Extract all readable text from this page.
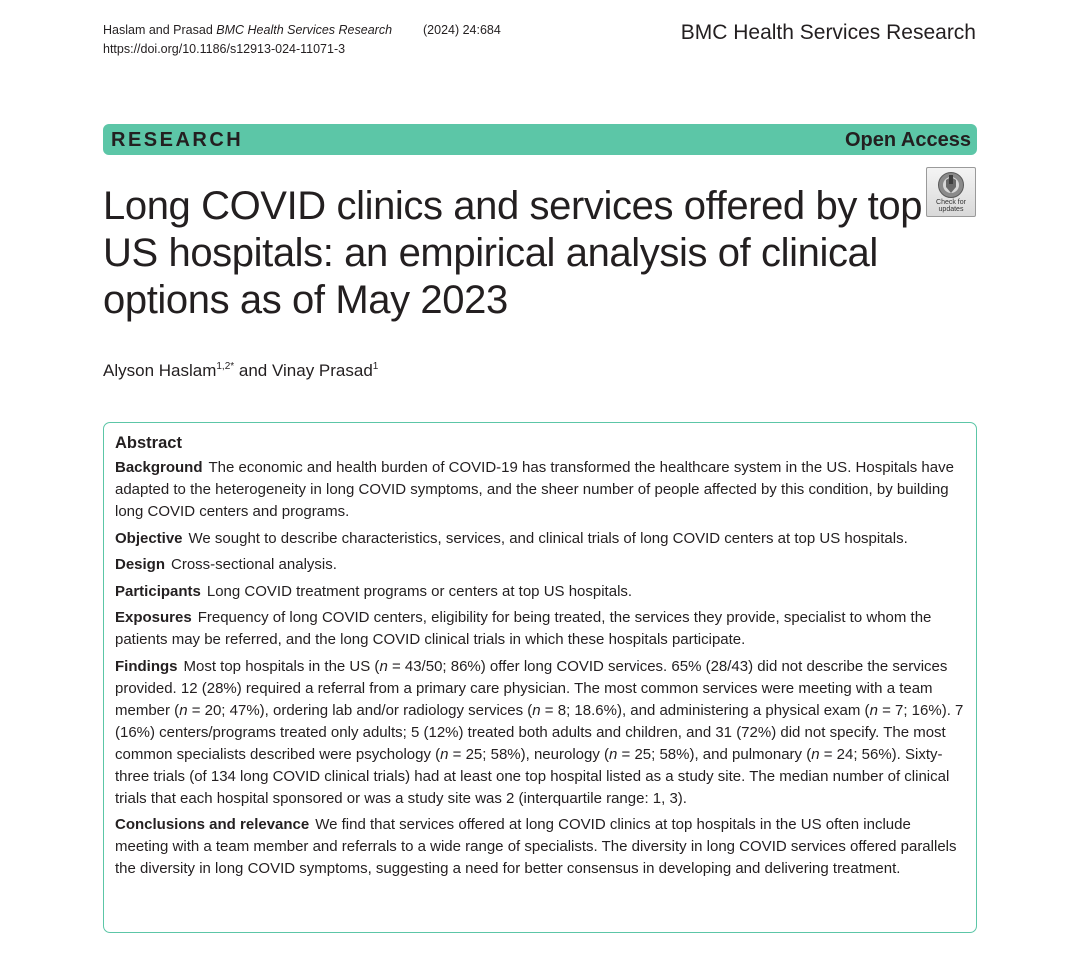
Haslam and Prasad BMC Health Services Research (2024) 24:684
https://doi.org/10.1186/s12913-024-11071-3
BMC Health Services Research
RESEARCH	Open Access
Long COVID clinics and services offered by top US hospitals: an empirical analysis of clinical options as of May 2023
Check for
updates
Alyson Haslam$^{1,2*}$ and Vinay Prasad$^1$
Abstract

Background The economic and health burden of COVID-19 has transformed the healthcare system in the US. Hospitals have adapted to the heterogeneity in long COVID symptoms, and the sheer number of people affected by this condition, by building long COVID centers and programs.

Objective We sought to describe characteristics, services, and clinical trials of long COVID centers at top US hospitals.

Design Cross-sectional analysis.

Participants Long COVID treatment programs or centers at top US hospitals.

Exposures Frequency of long COVID centers, eligibility for being treated, the services they provide, specialist to whom the patients may be referred, and the long COVID clinical trials in which these hospitals participate.

Findings Most top hospitals in the US (n = 43/50; 86%) offer long COVID services. 65% (28/43) did not describe the services provided. 12 (28%) required a referral from a primary care physician. The most common services were meeting with a team member (n = 20; 47%), ordering lab and/or radiology services (n = 8; 18.6%), and administering a physical exam (n = 7; 16%). 7 (16%) centers/programs treated only adults; 5 (12%) treated both adults and children, and 31 (72%) did not specify. The most common specialists described were psychology (n = 25; 58%), neurology (n = 25; 58%), and pulmonary (n = 24; 56%). Sixty-three trials (of 134 long COVID clinical trials) had at least one top hospital listed as a study site. The median number of clinical trials that each hospital sponsored or was a study site was 2 (interquartile range: 1, 3).

Conclusions and relevance We find that services offered at long COVID clinics at top hospitals in the US often include meeting with a team member and referrals to a wide range of specialists. The diversity in long COVID services offered parallels the diversity in long COVID symptoms, suggesting a need for better consensus in developing and delivering treatment.
